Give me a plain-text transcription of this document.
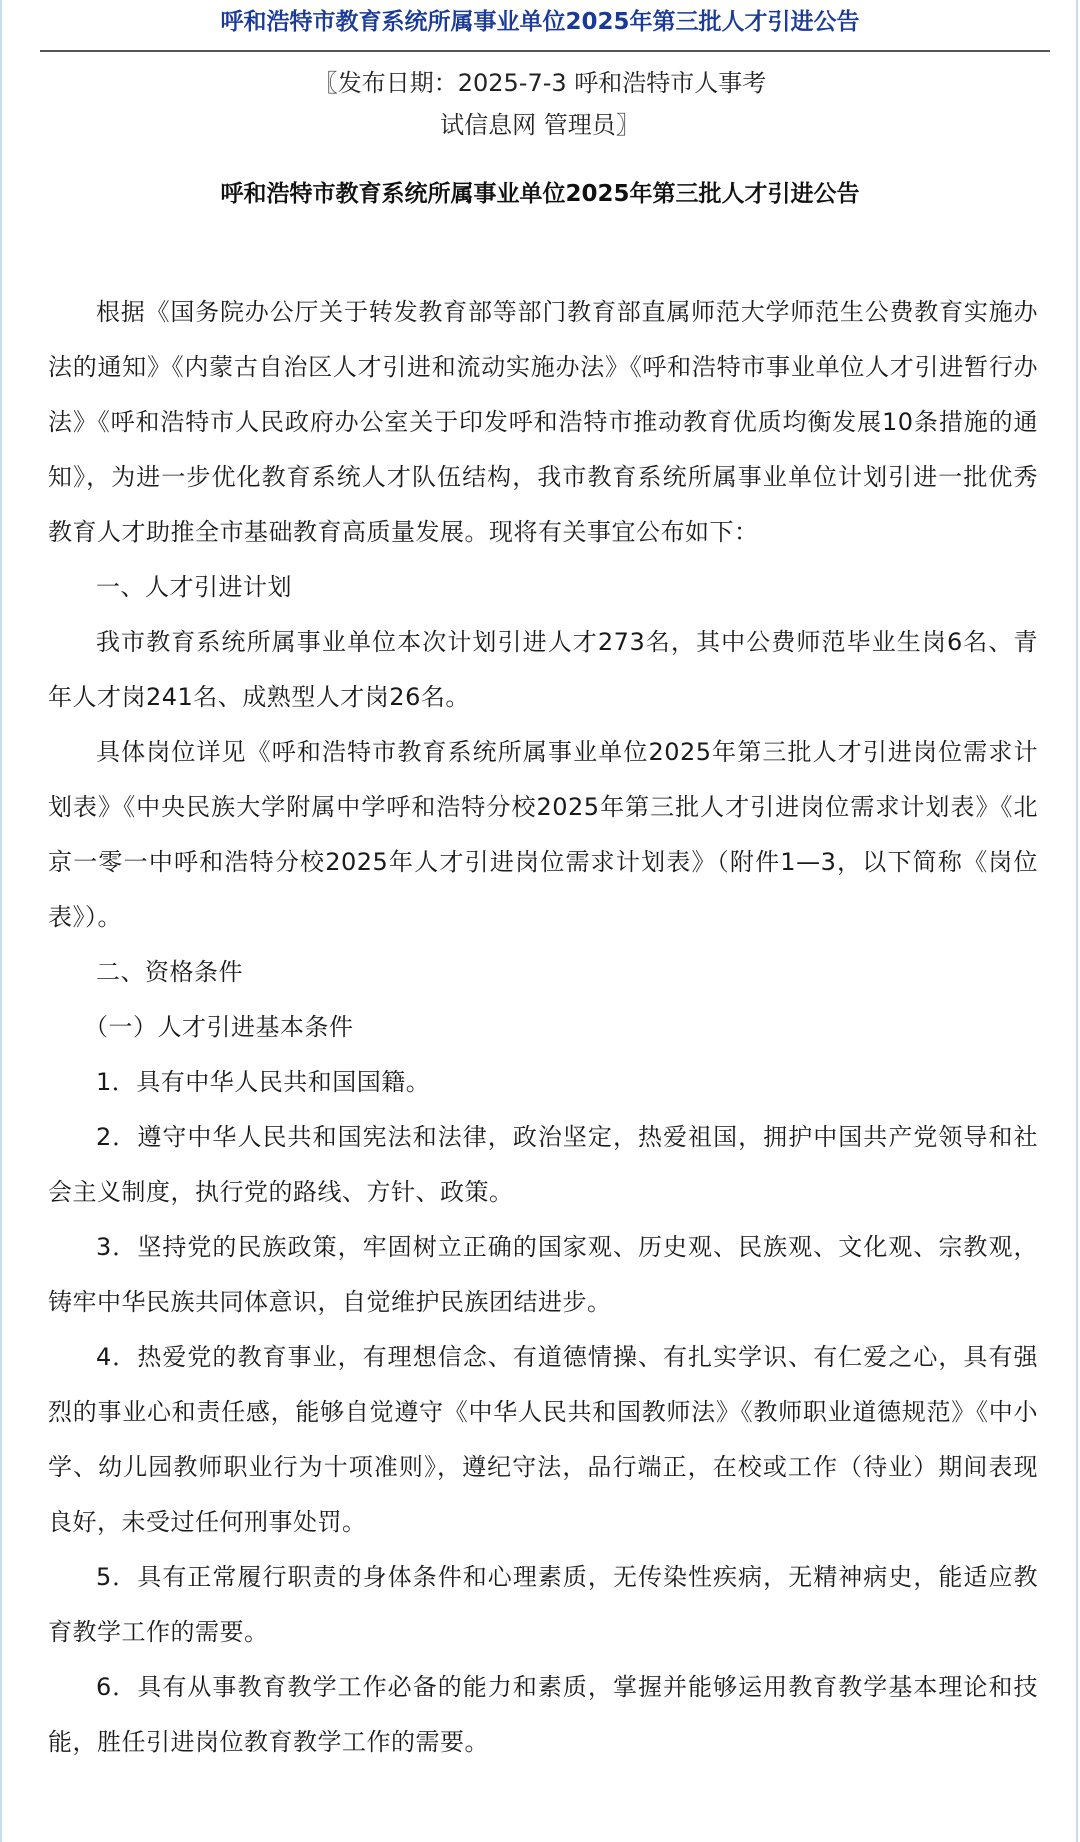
呼和浩特市教育系统所属事业单位2025年第三批人才引进公告
〖发布日期：2025-7-3 呼和浩特市人事考
试信息网 管理员〗
呼和浩特市教育系统所属事业单位2025年第三批人才引进公告

根据《国务院办公厅关于转发教育部等部门教育部直属师范大学师范生公费教育实施办法的通知》《内蒙古自治区人才引进和流动实施办法》《呼和浩特市事业单位人才引进暂行办法》《呼和浩特市人民政府办公室关于印发呼和浩特市推动教育优质均衡发展10条措施的通知》，为进一步优化教育系统人才队伍结构，我市教育系统所属事业单位计划引进一批优秀教育人才助推全市基础教育高质量发展。现将有关事宜公布如下：

一、人才引进计划

我市教育系统所属事业单位本次计划引进人才273名，其中公费师范毕业生岗6名、青年人才岗241名、成熟型人才岗26名。

具体岗位详见《呼和浩特市教育系统所属事业单位2025年第三批人才引进岗位需求计划表》《中央民族大学附属中学呼和浩特分校2025年第三批人才引进岗位需求计划表》《北京一零一中呼和浩特分校2025年人才引进岗位需求计划表》（附件1—3，以下简称《岗位表》）。

二、资格条件

（一）人才引进基本条件

1．具有中华人民共和国国籍。

2．遵守中华人民共和国宪法和法律，政治坚定，热爱祖国，拥护中国共产党领导和社会主义制度，执行党的路线、方针、政策。

3．坚持党的民族政策，牢固树立正确的国家观、历史观、民族观、文化观、宗教观，铸牢中华民族共同体意识，自觉维护民族团结进步。

4．热爱党的教育事业，有理想信念、有道德情操、有扎实学识、有仁爱之心，具有强烈的事业心和责任感，能够自觉遵守《中华人民共和国教师法》《教师职业道德规范》《中小学、幼儿园教师职业行为十项准则》，遵纪守法，品行端正，在校或工作（待业）期间表现良好，未受过任何刑事处罚。

5．具有正常履行职责的身体条件和心理素质，无传染性疾病，无精神病史，能适应教育教学工作的需要。

6．具有从事教育教学工作必备的能力和素质，掌握并能够运用教育教学基本理论和技能，胜任引进岗位教育教学工作的需要。
